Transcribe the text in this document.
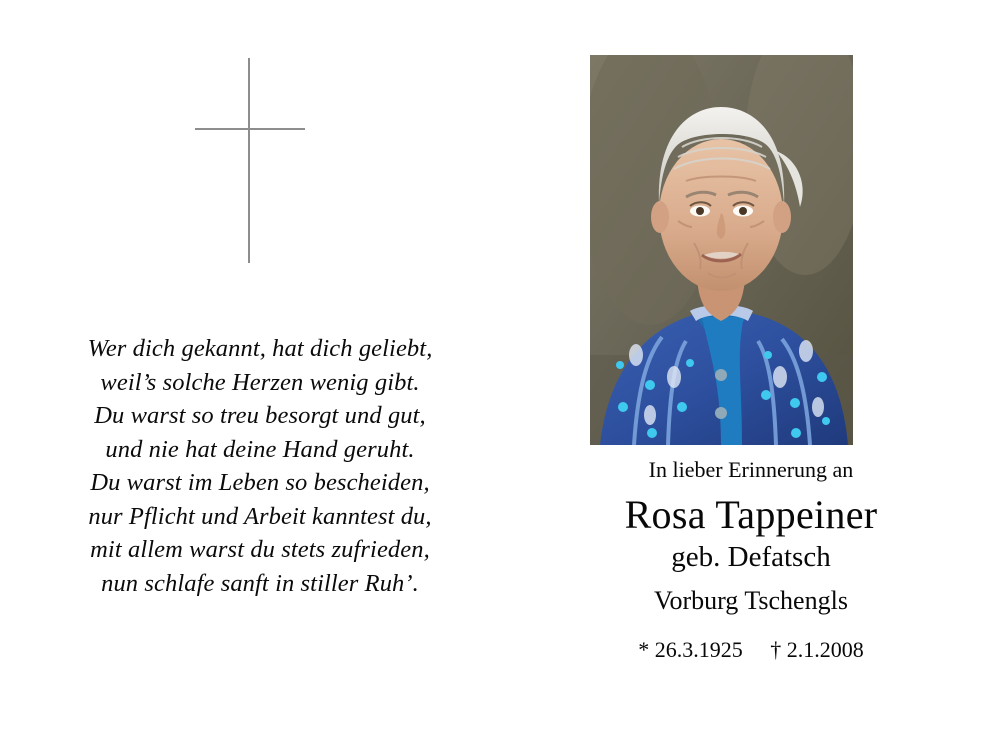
Wer dich gekannt, hat dich geliebt,
weil’s solche Herzen wenig gibt.
Du warst so treu besorgt und gut,
und nie hat deine Hand geruht.
Du warst im Leben so bescheiden,
nur Pflicht und Arbeit kanntest du,
mit allem warst du stets zufrieden,
nun schlafe sanft in stiller Ruh’.

In lieber Erinnerung an

Rosa Tappeiner

geb. Defatsch

Vorburg Tschengls

* 26.3.1925     † 2.1.2008
